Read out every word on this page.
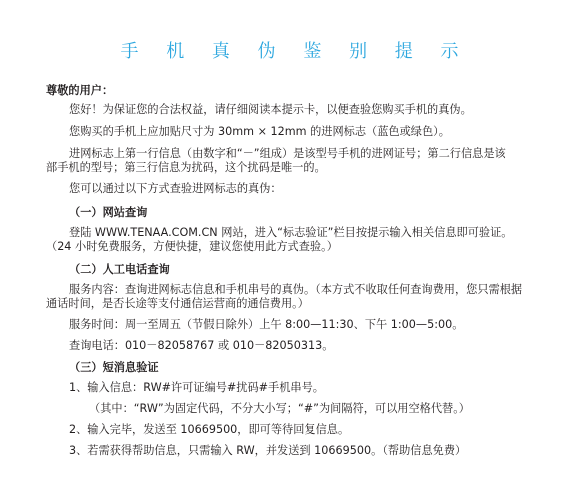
手 机 真 伪 鉴 别 提 示
尊敬的用户：
您好！为保证您的合法权益，请仔细阅读本提示卡，以便查验您购买手机的真伪。
您购买的手机上应加贴尺寸为 30mm × 12mm 的进网标志（蓝色或绿色）。
进网标志上第一行信息（由数字和“－”组成）是该型号手机的进网证号；第二行信息是该
部手机的型号；第三行信息为扰码，这个扰码是唯一的。
您可以通过以下方式查验进网标志的真伪：
（一）网站查询
登陆 WWW.TENAA.COM.CN 网站，进入“标志验证”栏目按提示输入相关信息即可验证。
（24 小时免费服务，方便快捷，建议您使用此方式查验。）
（二）人工电话查询
服务内容：查询进网标志信息和手机串号的真伪。（本方式不收取任何查询费用，您只需根据
通话时间，是否长途等支付通信运营商的通信费用。）
服务时间：周一至周五（节假日除外）上午 8:00—11:30、下午 1:00—5:00。
查询电话：010－82058767 或 010－82050313。
（三）短消息验证
1、输入信息：RW#许可证编号#扰码#手机串号。
（其中：“RW”为固定代码，不分大小写；“#”为间隔符，可以用空格代替。）
2、输入完毕，发送至 10669500，即可等待回复信息。
3、若需获得帮助信息，只需输入 RW，并发送到 10669500。（帮助信息免费）
